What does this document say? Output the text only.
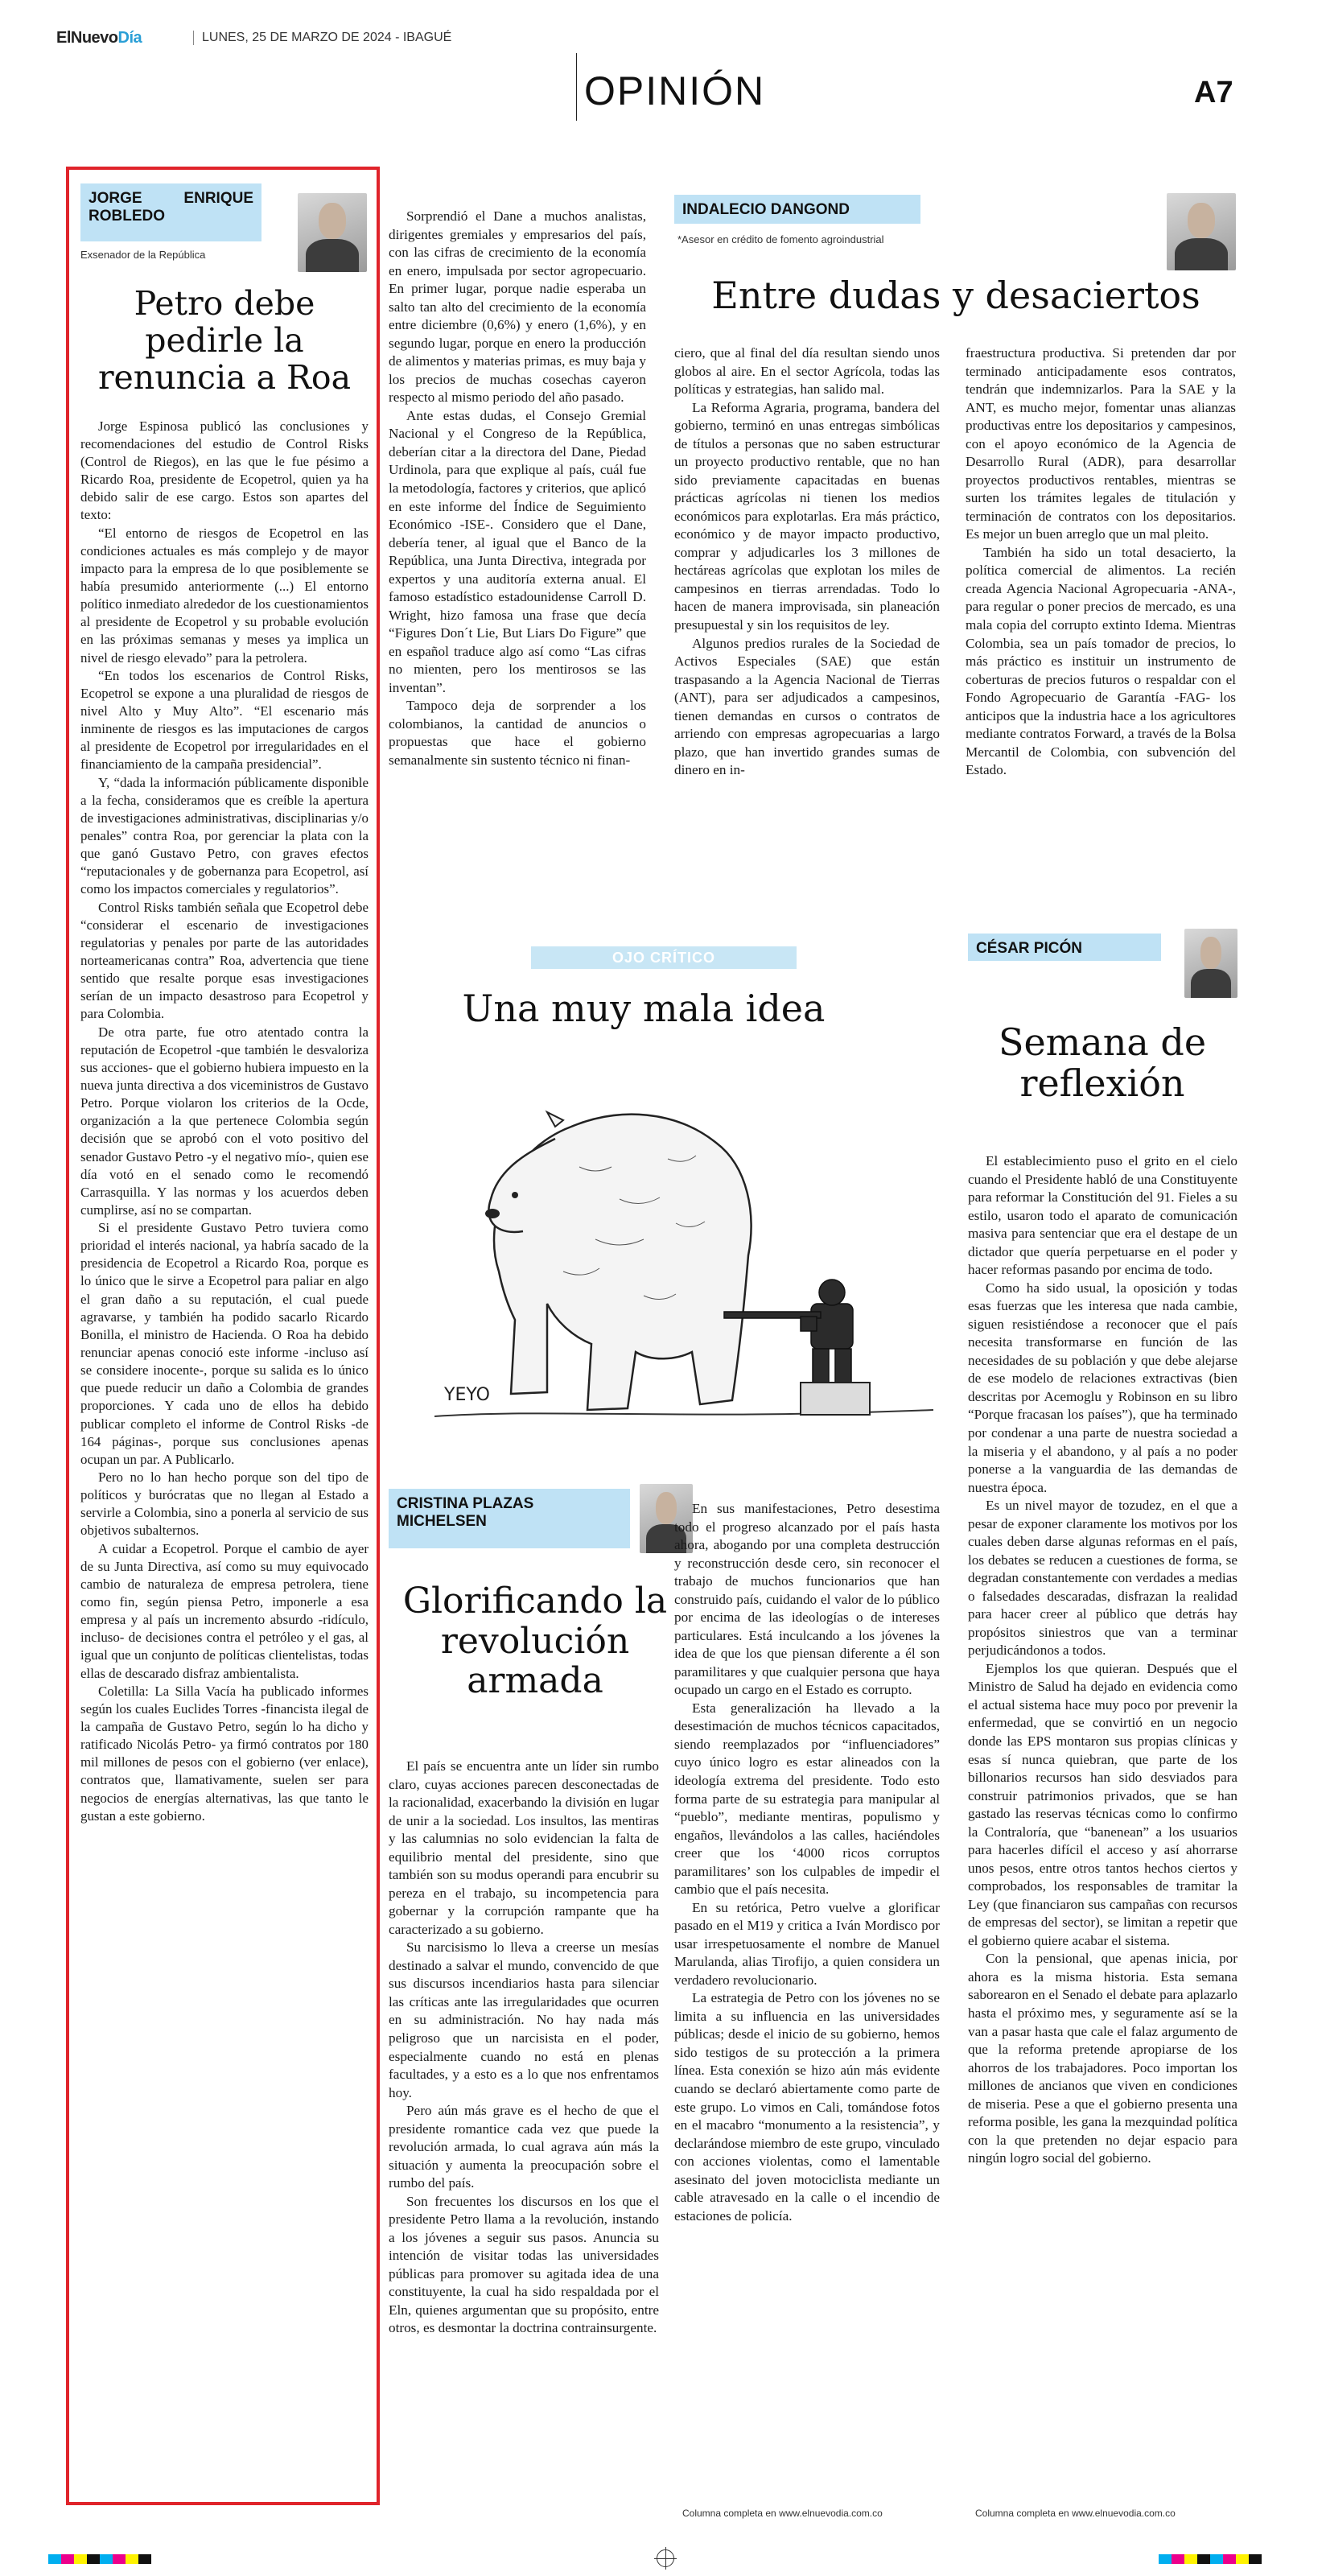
ElNuevoDía	LUNES, 25 DE MARZO DE 2024 - IBAGUÉ
OPINIÓN	A7
JORGE ENRIQUE ROBLEDO
Exsenador de la República
Petro debe pedirle la renuncia a Roa

Jorge Espinosa publicó las conclusiones y recomendaciones del estudio de Control Risks (Control de Riegos), en las que le fue pésimo a Ricardo Roa, presidente de Ecopetrol, quien ya ha debido salir de ese cargo. Estos son apartes del texto:

“El entorno de riesgos de Ecopetrol en las condiciones actuales es más complejo y de mayor impacto para la empresa de lo que posiblemente se había presumido anteriormente (...) El entorno político inmediato alrededor de los cuestionamientos al presidente de Ecopetrol y su probable evolución en las próximas semanas y meses ya implica un nivel de riesgo elevado” para la petrolera.

“En todos los escenarios de Control Risks, Ecopetrol se expone a una pluralidad de riesgos de nivel Alto y Muy Alto”. “El escenario más inminente de riesgos es las imputaciones de cargos al presidente de Ecopetrol por irregularidades en el financiamiento de la campaña presidencial”.

Y, “dada la información públicamente disponible a la fecha, consideramos que es creíble la apertura de investigaciones administrativas, disciplinarias y/o penales” contra Roa, por gerenciar la plata con la que ganó Gustavo Petro, con graves efectos “reputacionales y de gobernanza para Ecopetrol, así como los impactos comerciales y regulatorios”.

Control Risks también señala que Ecopetrol debe “considerar el escenario de investigaciones regulatorias y penales por parte de las autoridades norteamericanas contra” Roa, advertencia que tiene sentido que resalte porque esas investigaciones serían de un impacto desastroso para Ecopetrol y para Colombia.

De otra parte, fue otro atentado contra la reputación de Ecopetrol -que también le desvaloriza sus acciones- que el gobierno hubiera impuesto en la nueva junta directiva a dos viceministros de Gustavo Petro. Porque violaron los criterios de la Ocde, organización a la que pertenece Colombia según decisión que se aprobó con el voto positivo del senador Gustavo Petro -y el negativo mío-, quien ese día votó en el senado como le recomendó Carrasquilla. Y las normas y los acuerdos deben cumplirse, así no se compartan.

Si el presidente Gustavo Petro tuviera como prioridad el interés nacional, ya habría sacado de la presidencia de Ecopetrol a Ricardo Roa, porque es lo único que le sirve a Ecopetrol para paliar en algo el gran daño a su reputación, el cual puede agravarse, y también ha podido sacarlo Ricardo Bonilla, el ministro de Hacienda. O Roa ha debido renunciar apenas conoció este informe -incluso así se considere inocente-, porque su salida es lo único que puede reducir un daño a Colombia de grandes proporciones. Y cada uno de ellos ha debido publicar completo el informe de Control Risks -de 164 páginas-, porque sus conclusiones apenas ocupan un par. A Publicarlo.

Pero no lo han hecho porque son del tipo de políticos y burócratas que no llegan al Estado a servirle a Colombia, sino a ponerla al servicio de sus objetivos subalternos.

A cuidar a Ecopetrol. Porque el cambio de ayer de su Junta Directiva, así como su muy equivocado cambio de naturaleza de empresa petrolera, tiene como fin, según piensa Petro, imponerle a esa empresa y al país un incremento absurdo -ridículo, incluso- de decisiones contra el petróleo y el gas, al igual que un conjunto de políticas clientelistas, todas ellas de descarado disfraz ambientalista.

Coletilla: La Silla Vacía ha publicado informes según los cuales Euclides Torres -financista ilegal de la campaña de Gustavo Petro, según lo ha dicho y ratificado Nicolás Petro- ya firmó contratos por 180 mil millones de pesos con el gobierno (ver enlace), contratos que, llamativamente, suelen ser para negocios de energías alternativas, las que tanto le gustan a este gobierno.

Sorprendió el Dane a muchos analistas, dirigentes gremiales y empresarios del país, con las cifras de crecimiento de la economía en enero, impulsada por sector agropecuario. En primer lugar, porque nadie esperaba un salto tan alto del crecimiento de la economía entre diciembre (0,6%) y enero (1,6%), y en segundo lugar, porque en enero la producción de alimentos y materias primas, es muy baja y los precios de muchas cosechas cayeron respecto al mismo periodo del año pasado.

Ante estas dudas, el Consejo Gremial Nacional y el Congreso de la República, deberían citar a la directora del Dane, Piedad Urdinola, para que explique al país, cuál fue la metodología, factores y criterios, que aplicó en este informe del Índice de Seguimiento Económico -ISE-. Considero que el Dane, debería tener, al igual que el Banco de la República, una Junta Directiva, integrada por expertos y una auditoría externa anual. El famoso estadístico estadounidense Carroll D. Wright, hizo famosa una frase que decía “Figures Don´t Lie, But Liars Do Figure” que en español traduce algo así como “Las cifras no mienten, pero los mentirosos se las inventan”.

Tampoco deja de sorprender a los colombianos, la cantidad de anuncios o propuestas que hace el gobierno semanalmente sin sustento técnico ni finan-

INDALECIO DANGOND
*Asesor en crédito de fomento agroindustrial
Entre dudas y desaciertos

ciero, que al final del día resultan siendo unos globos al aire. En el sector Agrícola, todas las políticas y estrategias, han salido mal.

La Reforma Agraria, programa, bandera del gobierno, terminó en unas entregas simbólicas de títulos a personas que no saben estructurar un proyecto productivo rentable, que no han sido previamente capacitadas en buenas prácticas agrícolas ni tienen los medios económicos para explotarlas. Era más práctico, económico y de mayor impacto productivo, comprar y adjudicarles los 3 millones de hectáreas agrícolas que explotan los miles de campesinos en tierras arrendadas. Todo lo hacen de manera improvisada, sin planeación presupuestal y sin los requisitos de ley.

Algunos predios rurales de la Sociedad de Activos Especiales (SAE) que están traspasando a la Agencia Nacional de Tierras (ANT), para ser adjudicados a campesinos, tienen demandas en cursos o contratos de arriendo con empresas agropecuarias a largo plazo, que han invertido grandes sumas de dinero en in-

fraestructura productiva. Si pretenden dar por terminado anticipadamente esos contratos, tendrán que indemnizarlos. Para la SAE y la ANT, es mucho mejor, fomentar unas alianzas productivas entre los depositarios y campesinos, con el apoyo económico de la Agencia de Desarrollo Rural (ADR), para desarrollar proyectos productivos rentables, mientras se surten los trámites legales de titulación y terminación de contratos con los depositarios. Es mejor un buen arreglo que un mal pleito.

También ha sido un total desacierto, la política comercial de alimentos. La recién creada Agencia Nacional Agropecuaria -ANA-, para regular o poner precios de mercado, es una mala copia del corrupto extinto Idema. Mientras Colombia, sea un país tomador de precios, lo más práctico es instituir un instrumento de coberturas de precios futuros o respaldar con el Fondo Agropecuario de Garantía -FAG- los anticipos que la industria hace a los agricultores mediante contratos Forward, a través de la Bolsa Mercantil de Colombia, con subvención del Estado.

OJO CRÍTICO
Una muy mala idea
YEYO
CÉSAR PICÓN
Semana de reflexión

El establecimiento puso el grito en el cielo cuando el Presidente habló de una Constituyente para reformar la Constitución del 91. Fieles a su estilo, usaron todo el aparato de comunicación masiva para sentenciar que era el destape de un dictador que quería perpetuarse en el poder y hacer reformas pasando por encima de todo.

Como ha sido usual, la oposición y todas esas fuerzas que les interesa que nada cambie, siguen resistiéndose a reconocer que el país necesita transformarse en función de las necesidades de su población y que debe alejarse de ese modelo de relaciones extractivas (bien descritas por Acemoglu y Robinson en su libro “Porque fracasan los países”), que ha terminado por condenar a una parte de nuestra sociedad a la miseria y el abandono, y al país a no poder ponerse a la vanguardia de las demandas de nuestra época.

Es un nivel mayor de tozudez, en el que a pesar de exponer claramente los motivos por los cuales deben darse algunas reformas en el país, los debates se reducen a cuestiones de forma, se degradan constantemente con verdades a medias o falsedades descaradas, disfrazan la realidad para hacer creer al público que detrás hay propósitos siniestros que van a terminar perjudicándonos a todos.

Ejemplos los que quieran. Después que el Ministro de Salud ha dejado en evidencia como el actual sistema hace muy poco por prevenir la enfermedad, que se convirtió en un negocio donde las EPS montaron sus propias clínicas y esas sí nunca quiebran, que parte de los billonarios recursos han sido desviados para construir patrimonios privados, que se han gastado las reservas técnicas como lo confirmo la Contraloría, que “banenean” a los usuarios para hacerles difícil el acceso y así ahorrarse unos pesos, entre otros tantos hechos ciertos y comprobados, los responsables de tramitar la Ley (que financiaron sus campañas con recursos de empresas del sector), se limitan a repetir que el gobierno quiere acabar el sistema.

Con la pensional, que apenas inicia, por ahora es la misma historia. Esta semana saborearon en el Senado el debate para aplazarlo hasta el próximo mes, y seguramente así se la van a pasar hasta que cale el falaz argumento de que la reforma pretende apropiarse de los ahorros de los trabajadores. Poco importan los millones de ancianos que viven en condiciones de miseria. Pese a que el gobierno presenta una reforma posible, les gana la mezquindad política con la que pretenden no dejar espacio para ningún logro social del gobierno.

Columna completa en www.elnuevodia.com.co
CRISTINA PLAZAS MICHELSEN
Glorificando la revolución armada

El país se encuentra ante un líder sin rumbo claro, cuyas acciones parecen desconectadas de la racionalidad, exacerbando la división en lugar de unir a la sociedad. Los insultos, las mentiras y las calumnias no solo evidencian la falta de equilibrio mental del presidente, sino que también son su modus operandi para encubrir su pereza en el trabajo, su incompetencia para gobernar y la corrupción rampante que ha caracterizado a su gobierno.

Su narcisismo lo lleva a creerse un mesías destinado a salvar el mundo, convencido de que sus discursos incendiarios hasta para silenciar las críticas ante las irregularidades que ocurren en su administración. No hay nada más peligroso que un narcisista en el poder, especialmente cuando no está en plenas facultades, y a esto es a lo que nos enfrentamos hoy.

Pero aún más grave es el hecho de que el presidente romantice cada vez que puede la revolución armada, lo cual agrava aún más la situación y aumenta la preocupación sobre el rumbo del país.

Son frecuentes los discursos en los que el presidente Petro llama a la revolución, instando a los jóvenes a seguir sus pasos. Anuncia su intención de visitar todas las universidades públicas para promover su agitada idea de una constituyente, la cual ha sido respaldada por el Eln, quienes argumentan que su propósito, entre otros, es desmontar la doctrina contrainsurgente.

En sus manifestaciones, Petro desestima todo el progreso alcanzado por el país hasta ahora, abogando por una completa destrucción y reconstrucción desde cero, sin reconocer el trabajo de muchos funcionarios que han construido país, cuidando el valor de lo público por encima de las ideologías o de intereses particulares. Está inculcando a los jóvenes la idea de que los que piensan diferente a él son paramilitares y que cualquier persona que haya ocupado un cargo en el Estado es corrupto.

Esta generalización ha llevado a la desestimación de muchos técnicos capacitados, siendo reemplazados por “influenciadores” cuyo único logro es estar alineados con la ideología extrema del presidente. Todo esto forma parte de su estrategia para manipular al “pueblo”, mediante mentiras, populismo y engaños, llevándolos a las calles, haciéndoles creer que los ‘4000 ricos corruptos paramilitares’ son los culpables de impedir el cambio que el país necesita.

En su retórica, Petro vuelve a glorificar pasado en el M19 y critica a Iván Mordisco por usar irrespetuosamente el nombre de Manuel Marulanda, alias Tirofijo, a quien considera un verdadero revolucionario.

La estrategia de Petro con los jóvenes no se limita a su influencia en las universidades públicas; desde el inicio de su gobierno, hemos sido testigos de su protección a la primera línea. Esta conexión se hizo aún más evidente cuando se declaró abiertamente como parte de este grupo. Lo vimos en Cali, tomándose fotos en el macabro “monumento a la resistencia”, y declarándose miembro de este grupo, vinculado con acciones violentas, como el lamentable asesinato del joven motociclista mediante un cable atravesado en la calle o el incendio de estaciones de policía.

Columna completa en www.elnuevodia.com.co
